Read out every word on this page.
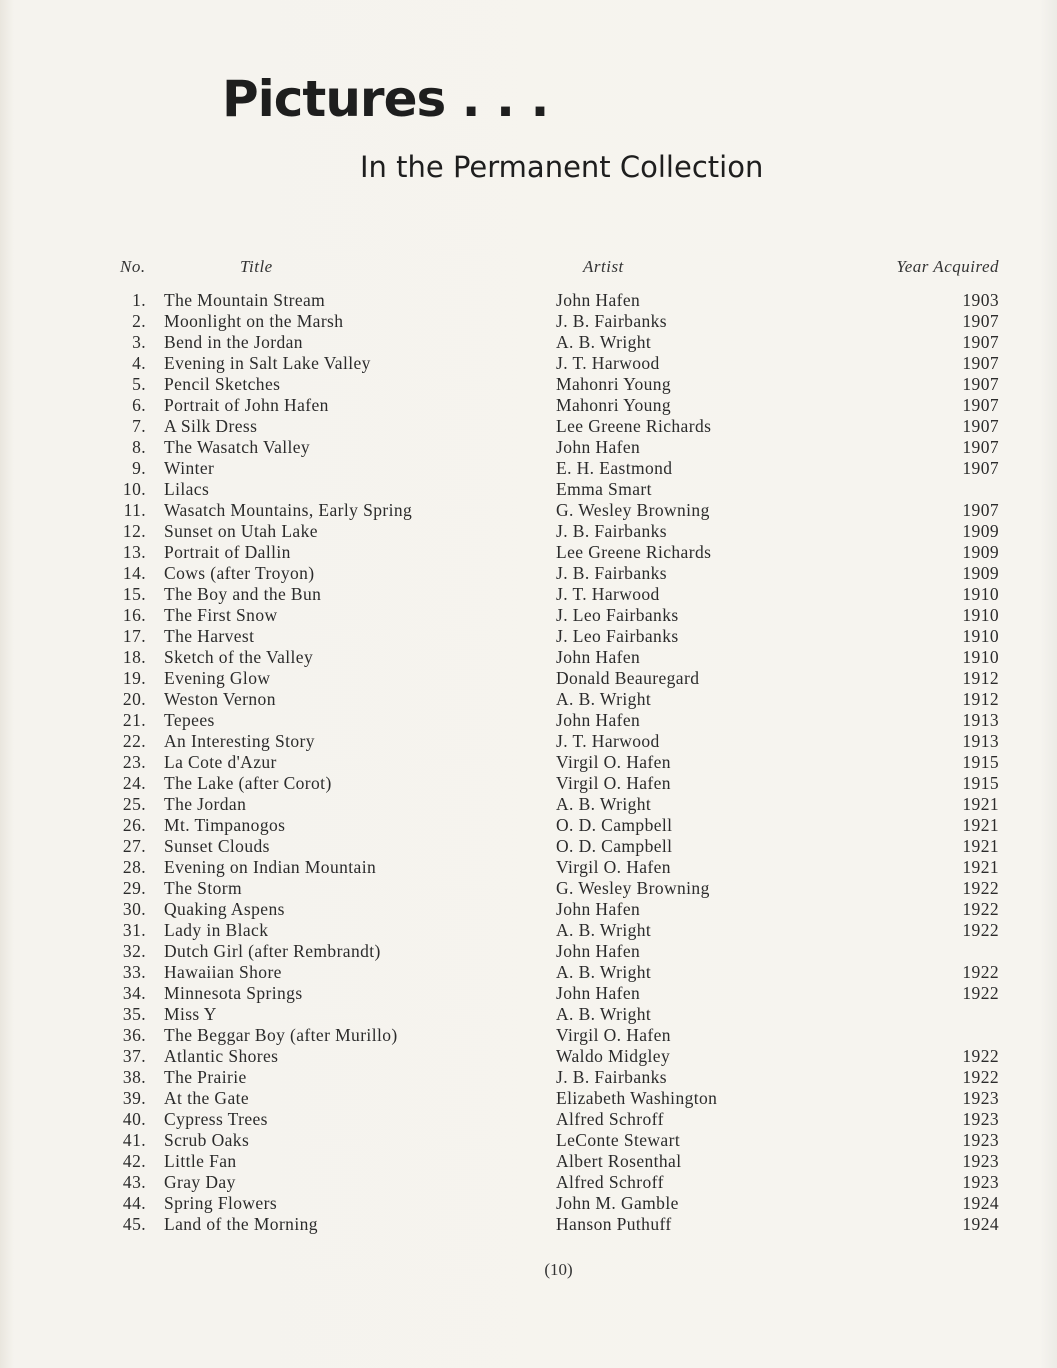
Pictures . . .
In the Permanent Collection
No.	Title	Artist	Year Acquired
1. The Mountain Stream	John Hafen	1903
2. Moonlight on the Marsh	J. B. Fairbanks	1907
3. Bend in the Jordan	A. B. Wright	1907
4. Evening in Salt Lake Valley	J. T. Harwood	1907
5. Pencil Sketches	Mahonri Young	1907
6. Portrait of John Hafen	Mahonri Young	1907
7. A Silk Dress	Lee Greene Richards	1907
8. The Wasatch Valley	John Hafen	1907
9. Winter	E. H. Eastmond	1907
10. Lilacs	Emma Smart
11. Wasatch Mountains, Early Spring	G. Wesley Browning	1907
12. Sunset on Utah Lake	J. B. Fairbanks	1909
13. Portrait of Dallin	Lee Greene Richards	1909
14. Cows (after Troyon)	J. B. Fairbanks	1909
15. The Boy and the Bun	J. T. Harwood	1910
16. The First Snow	J. Leo Fairbanks	1910
17. The Harvest	J. Leo Fairbanks	1910
18. Sketch of the Valley	John Hafen	1910
19. Evening Glow	Donald Beauregard	1912
20. Weston Vernon	A. B. Wright	1912
21. Tepees	John Hafen	1913
22. An Interesting Story	J. T. Harwood	1913
23. La Cote d'Azur	Virgil O. Hafen	1915
24. The Lake (after Corot)	Virgil O. Hafen	1915
25. The Jordan	A. B. Wright	1921
26. Mt. Timpanogos	O. D. Campbell	1921
27. Sunset Clouds	O. D. Campbell	1921
28. Evening on Indian Mountain	Virgil O. Hafen	1921
29. The Storm	G. Wesley Browning	1922
30. Quaking Aspens	John Hafen	1922
31. Lady in Black	A. B. Wright	1922
32. Dutch Girl (after Rembrandt)	John Hafen
33. Hawaiian Shore	A. B. Wright	1922
34. Minnesota Springs	John Hafen	1922
35. Miss Y	A. B. Wright
36. The Beggar Boy (after Murillo)	Virgil O. Hafen
37. Atlantic Shores	Waldo Midgley	1922
38. The Prairie	J. B. Fairbanks	1922
39. At the Gate	Elizabeth Washington	1923
40. Cypress Trees	Alfred Schroff	1923
41. Scrub Oaks	LeConte Stewart	1923
42. Little Fan	Albert Rosenthal	1923
43. Gray Day	Alfred Schroff	1923
44. Spring Flowers	John M. Gamble	1924
45. Land of the Morning	Hanson Puthuff	1924
(10)
